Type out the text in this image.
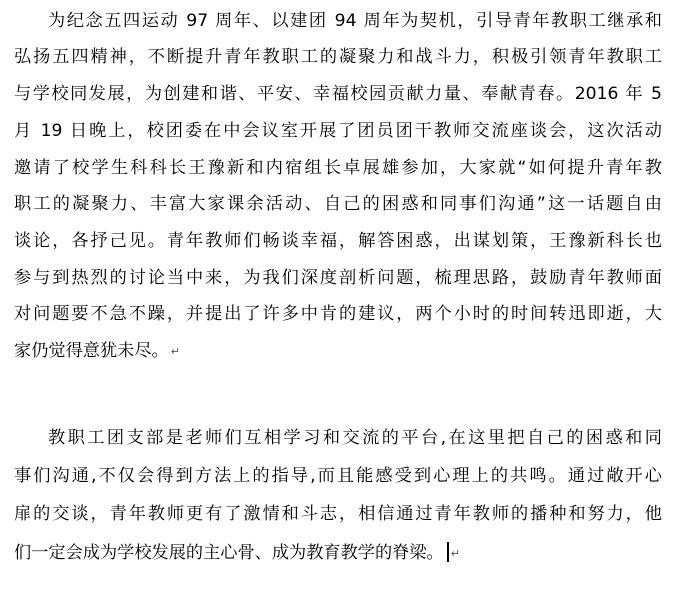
为纪念五四运动 97 周年、以建团 94 周年为契机，引导青年教职工继承和
弘扬五四精神，不断提升青年教职工的凝聚力和战斗力，积极引领青年教职工
与学校同发展，为创建和谐、平安、幸福校园贡献力量、奉献青春。2016 年 5
月 19 日晚上，校团委在中会议室开展了团员团干教师交流座谈会，这次活动
邀请了校学生科科长王豫新和内宿组长卓展雄参加，大家就“如何提升青年教
职工的凝聚力、丰富大家课余活动、自己的困惑和同事们沟通”这一话题自由
谈论，各抒己见。青年教师们畅谈幸福，解答困惑，出谋划策，王豫新科长也
参与到热烈的讨论当中来，为我们深度剖析问题，梳理思路，鼓励青年教师面
对问题要不急不躁，并提出了许多中肯的建议，两个小时的时间转迅即逝，大
家仍觉得意犹未尽。 ↵
教职工团支部是老师们互相学习和交流的平台,在这里把自己的困惑和同
事们沟通,不仅会得到方法上的指导,而且能感受到心理上的共鸣。通过敞开心
扉的交谈，青年教师更有了激情和斗志，相信通过青年教师的播种和努力，他
们一定会成为学校发展的主心骨、成为教育教学的脊梁。 ↵
